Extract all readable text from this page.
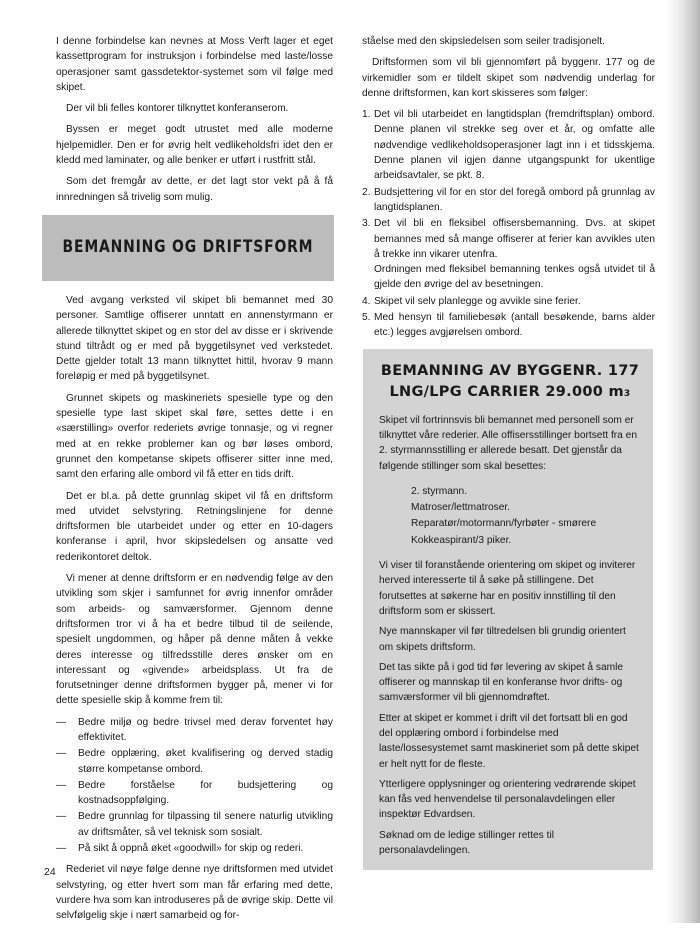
I denne forbindelse kan nevnes at Moss Verft lager et eget kassettprogram for instruksjon i forbindelse med laste/losse operasjoner samt gassdetektor-systemet som vil følge med skipet.

Der vil bli felles kontorer tilknyttet konferanserom.

Byssen er meget godt utrustet med alle moderne hjelpemidler. Den er for øvrig helt vedlikeholdsfri idet den er kledd med laminater, og alle benker er utført i rustfritt stål.

Som det fremgår av dette, er det lagt stor vekt på å få innredningen så trivelig som mulig.

BEMANNING OG DRIFTSFORM

Ved avgang verksted vil skipet bli bemannet med 30 personer. Samtlige offiserer unntatt en annenstyrmann er allerede tilknyttet skipet og en stor del av disse er i skrivende stund tiltrådt og er med på byggetilsynet ved verkstedet. Dette gjelder totalt 13 mann tilknyttet hittil, hvorav 9 mann foreløpig er med på byggetilsynet.

Grunnet skipets og maskineriets spesielle type og den spesielle type last skipet skal føre, settes dette i en «særstilling» overfor rederiets øvrige tonnasje, og vi regner med at en rekke problemer kan og bør løses ombord, grunnet den kompetanse skipets offiserer sitter inne med, samt den erfaring alle ombord vil få etter en tids drift.

Det er bl.a. på dette grunnlag skipet vil få en driftsform med utvidet selvstyring. Retningslinjene for denne driftsformen ble utarbeidet under og etter en 10-dagers konferanse i april, hvor skipsledelsen og ansatte ved rederikontoret deltok.

Vi mener at denne driftsform er en nødvendig følge av den utvikling som skjer i samfunnet for øvrig innenfor områder som arbeids- og samværsformer. Gjennom denne driftsformen tror vi å ha et bedre tilbud til de seilende, spesielt ungdommen, og håper på denne måten å vekke deres interesse og tilfredsstille deres ønsker om en interessant og «givende» arbeidsplass. Ut fra de forutsetninger denne driftsformen bygger på, mener vi for dette spesielle skip å komme frem til:

— Bedre miljø og bedre trivsel med derav forventet høy effektivitet.
— Bedre opplæring, øket kvalifisering og derved stadig større kompetanse ombord.
— Bedre forståelse for budsjettering og kostnadsoppfølging.
— Bedre grunnlag for tilpassing til senere naturlig utvikling av driftsmåter, så vel teknisk som sosialt.
— På sikt å oppnå øket «goodwill» for skip og rederi.

Rederiet vil nøye følge denne nye driftsformen med utvidet selvstyring, og etter hvert som man får erfaring med dette, vurdere hva som kan introduseres på de øvrige skip. Dette vil selvfølgelig skje i nært samarbeid og for-

ståelse med den skipsledelsen som seiler tradisjonelt.

Driftsformen som vil bli gjennomført på byggenr. 177 og de virkemidler som er tildelt skipet som nødvendig underlag for denne driftsformen, kan kort skisseres som følger:

1. Det vil bli utarbeidet en langtidsplan (fremdriftsplan) ombord. Denne planen vil strekke seg over et år, og omfatte alle nødvendige vedlikeholdsoperasjoner lagt inn i et tidsskjema. Denne planen vil igjen danne utgangspunkt for ukentlige arbeidsavtaler, se pkt. 8.
2. Budsjettering vil for en stor del foregå ombord på grunnlag av langtidsplanen.
3. Det vil bli en fleksibel offisersbemanning. Dvs. at skipet bemannes med så mange offiserer at ferier kan avvikles uten å trekke inn vikarer utenfra.
Ordningen med fleksibel bemanning tenkes også utvidet til å gjelde den øvrige del av besetningen.
4. Skipet vil selv planlegge og avvikle sine ferier.
5. Med hensyn til familiebesøk (antall besøkende, barns alder etc.) legges avgjørelsen ombord.
BEMANNING AV BYGGENR. 177
LNG/LPG CARRIER 29.000 m3

Skipet vil fortrinnsvis bli bemannet med personell som er tilknyttet våre rederier. Alle offisersstillinger bortsett fra en 2. styrmannsstilling er allerede besatt. Det gjenstår da følgende stillinger som skal besettes:

2. styrmann.
Matroser/lettmatroser.
Reparatør/motormann/fyrbøter - smørere
Kokkeaspirant/3 piker.

Vi viser til foranstående orientering om skipet og inviterer herved interesserte til å søke på stillingene. Det forutsettes at søkerne har en positiv innstilling til den driftsform som er skissert.

Nye mannskaper vil før tiltredelsen bli grundig orientert om skipets driftsform.

Det tas sikte på i god tid før levering av skipet å samle offiserer og mannskap til en konferanse hvor drifts- og samværsformer vil bli gjennomdrøftet.

Etter at skipet er kommet i drift vil det fortsatt bli en god del opplæring ombord i forbindelse med laste/lossesystemet samt maskineriet som på dette skipet er helt nytt for de fleste.

Ytterligere opplysninger og orientering vedrørende skipet kan fås ved henvendelse til personalavdelingen eller inspektør Edvardsen.

Søknad om de ledige stillinger rettes til personalavdelingen.

24
